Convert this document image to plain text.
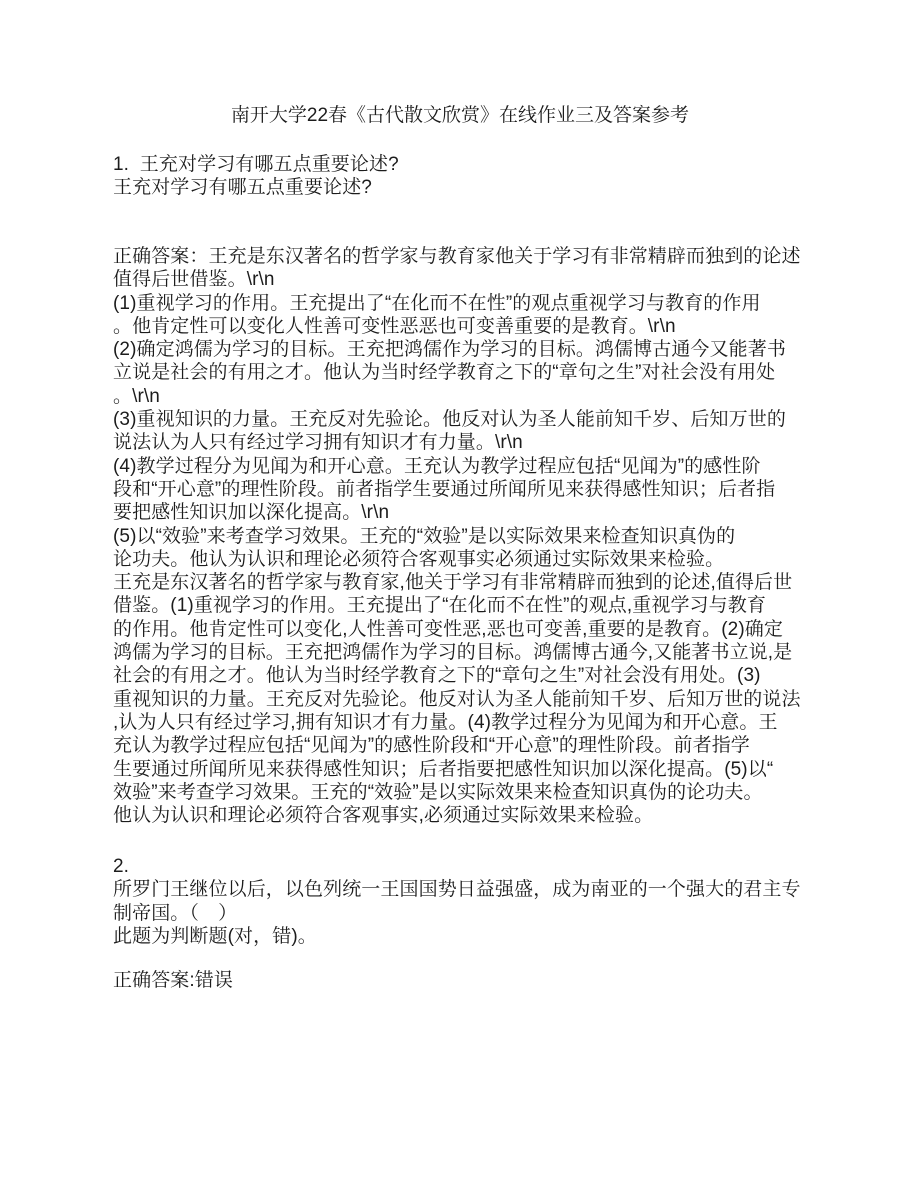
南开大学22春《古代散文欣赏》在线作业三及答案参考
1.  王充对学习有哪五点重要论述?
王充对学习有哪五点重要论述?
正确答案：王充是东汉著名的哲学家与教育家他关于学习有非常精辟而独到的论述
值得后世借鉴。\r\n
(1)重视学习的作用。王充提出了“在化而不在性”的观点重视学习与教育的作用
。他肯定性可以变化人性善可变性恶恶也可变善重要的是教育。\r\n
(2)确定鸿儒为学习的目标。王充把鸿儒作为学习的目标。鸿儒博古通今又能著书
立说是社会的有用之才。他认为当时经学教育之下的“章句之生”对社会没有用处
。\r\n
(3)重视知识的力量。王充反对先验论。他反对认为圣人能前知千岁、后知万世的
说法认为人只有经过学习拥有知识才有力量。\r\n
(4)教学过程分为见闻为和开心意。王充认为教学过程应包括“见闻为”的感性阶
段和“开心意”的理性阶段。前者指学生要通过所闻所见来获得感性知识；后者指
要把感性知识加以深化提高。\r\n
(5)以“效验”来考查学习效果。王充的“效验”是以实际效果来检查知识真伪的
论功夫。他认为认识和理论必须符合客观事实必须通过实际效果来检验。
王充是东汉著名的哲学家与教育家,他关于学习有非常精辟而独到的论述,值得后世
借鉴。(1)重视学习的作用。王充提出了“在化而不在性”的观点,重视学习与教育
的作用。他肯定性可以变化,人性善可变性恶,恶也可变善,重要的是教育。(2)确定
鸿儒为学习的目标。王充把鸿儒作为学习的目标。鸿儒博古通今,又能著书立说,是
社会的有用之才。他认为当时经学教育之下的“章句之生”对社会没有用处。(3)
重视知识的力量。王充反对先验论。他反对认为圣人能前知千岁、后知万世的说法
,认为人只有经过学习,拥有知识才有力量。(4)教学过程分为见闻为和开心意。王
充认为教学过程应包括“见闻为”的感性阶段和“开心意”的理性阶段。前者指学
生要通过所闻所见来获得感性知识；后者指要把感性知识加以深化提高。(5)以“
效验”来考查学习效果。王充的“效验”是以实际效果来检查知识真伪的论功夫。
他认为认识和理论必须符合客观事实,必须通过实际效果来检验。
2.
所罗门王继位以后，以色列统一王国国势日益强盛，成为南亚的一个强大的君主专
制帝国。（　）
此题为判断题(对，错)。
正确答案:错误
